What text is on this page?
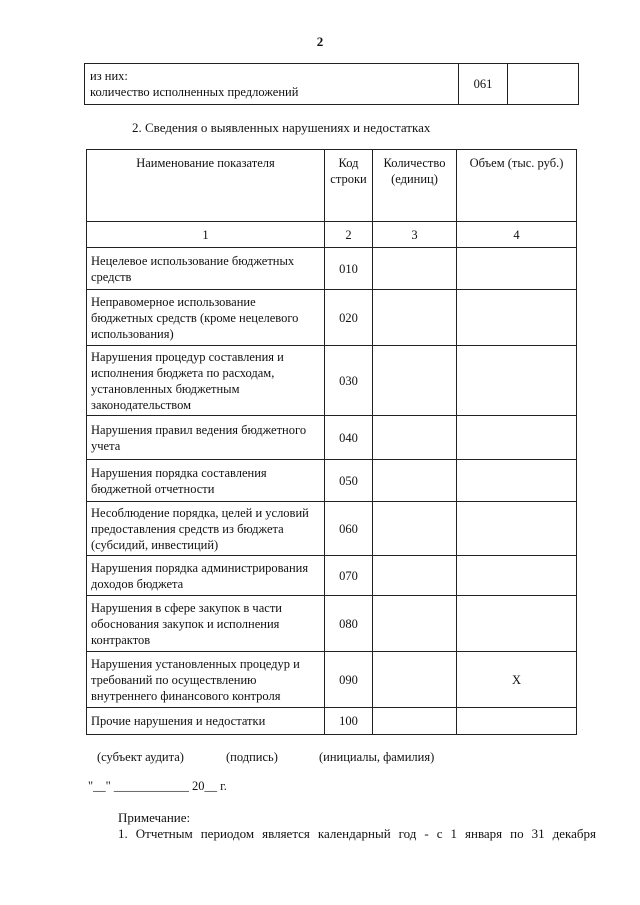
2
из них:
количество исполненных предложений
	061	
2. Сведения о выявленных нарушениях и недостатках
Наименование показателя	Код строки	Количество (единиц)	Объем (тыс. руб.)
1	2	3	4
Нецелевое использование бюджетных средств	010		
Неправомерное использование бюджетных средств (кроме нецелевого использования)	020		
Нарушения процедур составления и исполнения бюджета по расходам, установленных бюджетным законодательством	030		
Нарушения правил ведения бюджетного учета	040		
Нарушения порядка составления бюджетной отчетности	050		
Несоблюдение порядка, целей и условий предоставления средств из бюджета (субсидий, инвестиций)	060		
Нарушения порядка администрирования доходов бюджета	070		
Нарушения в сфере закупок в части обоснования закупок и исполнения контрактов	080		
Нарушения установленных процедур и требований по осуществлению внутреннего финансового контроля	090		X
Прочие нарушения и недостатки	100		
(субъект аудита)	(подпись)	(инициалы, фамилия)
"__" ____________ 20__ г.
Примечание:
1. Отчетным периодом является календарный год - с 1 января по 31 декабря
